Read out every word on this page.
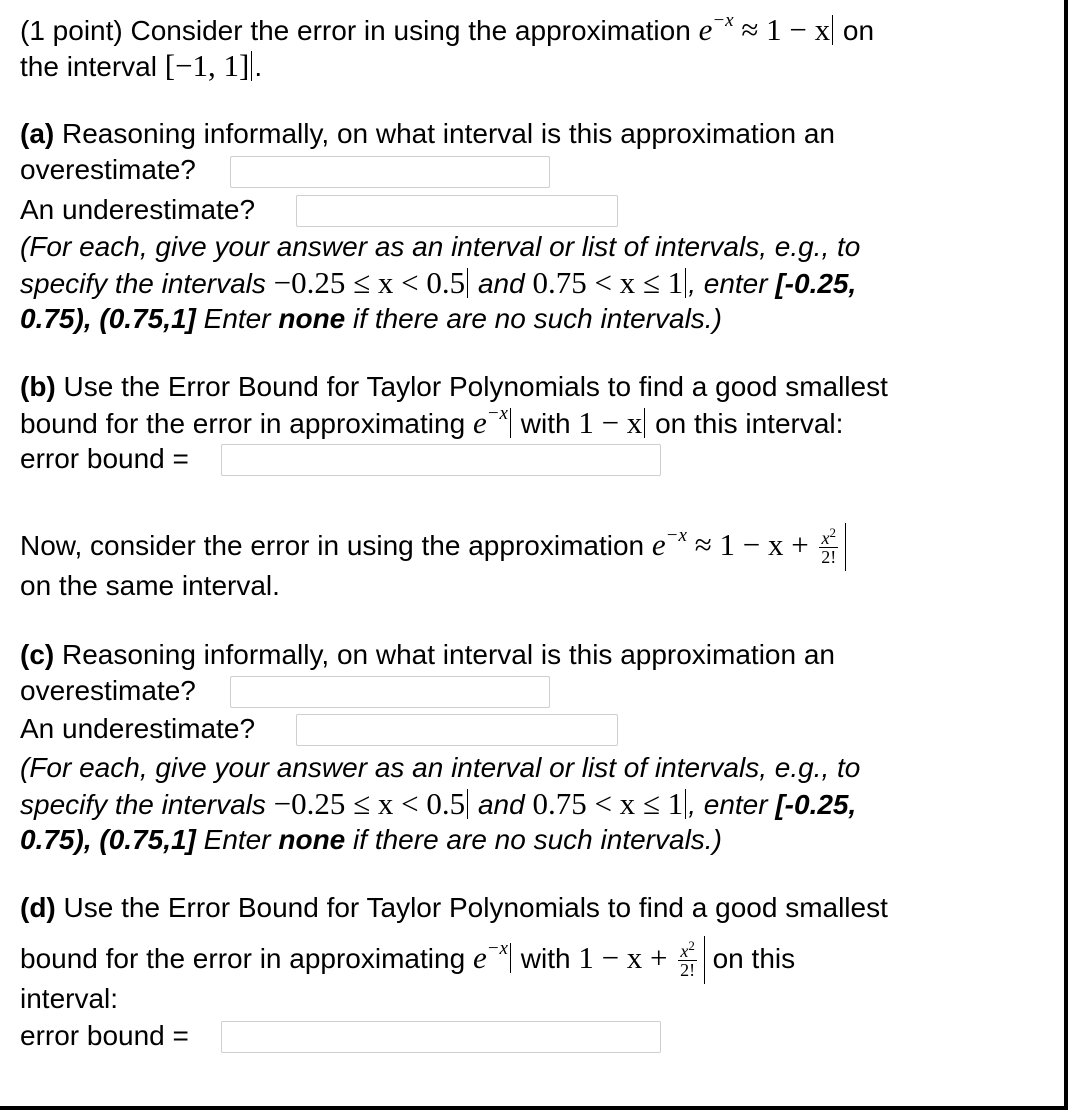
(1 point) Consider the error in using the approximation $e^{-x} \approx 1 - x$ on
the interval [−1, 1] .
(a) Reasoning informally, on what interval is this approximation an
overestimate?
An underestimate?
(For each, give your answer as an interval or list of intervals, e.g., to
specify the intervals −0.25 ≤ x < 0.5 and 0.75 < x ≤ 1 , enter [-0.25,
0.75), (0.75,1] Enter none if there are no such intervals.)
(b) Use the Error Bound for Taylor Polynomials to find a good smallest
bound for the error in approximating $e^{-x}$ with 1 − x on this interval:
error bound =
Now, consider the error in using the approximation $e^{-x} \approx 1 - x + \frac{x^2}{2!}$
on the same interval.
(c) Reasoning informally, on what interval is this approximation an
overestimate?
An underestimate?
(For each, give your answer as an interval or list of intervals, e.g., to
specify the intervals −0.25 ≤ x < 0.5 and 0.75 < x ≤ 1 , enter [-0.25,
0.75), (0.75,1] Enter none if there are no such intervals.)
(d) Use the Error Bound for Taylor Polynomials to find a good smallest
bound for the error in approximating $e^{-x}$ with $1 - x + \frac{x^2}{2!}$ on this
interval:
error bound =
